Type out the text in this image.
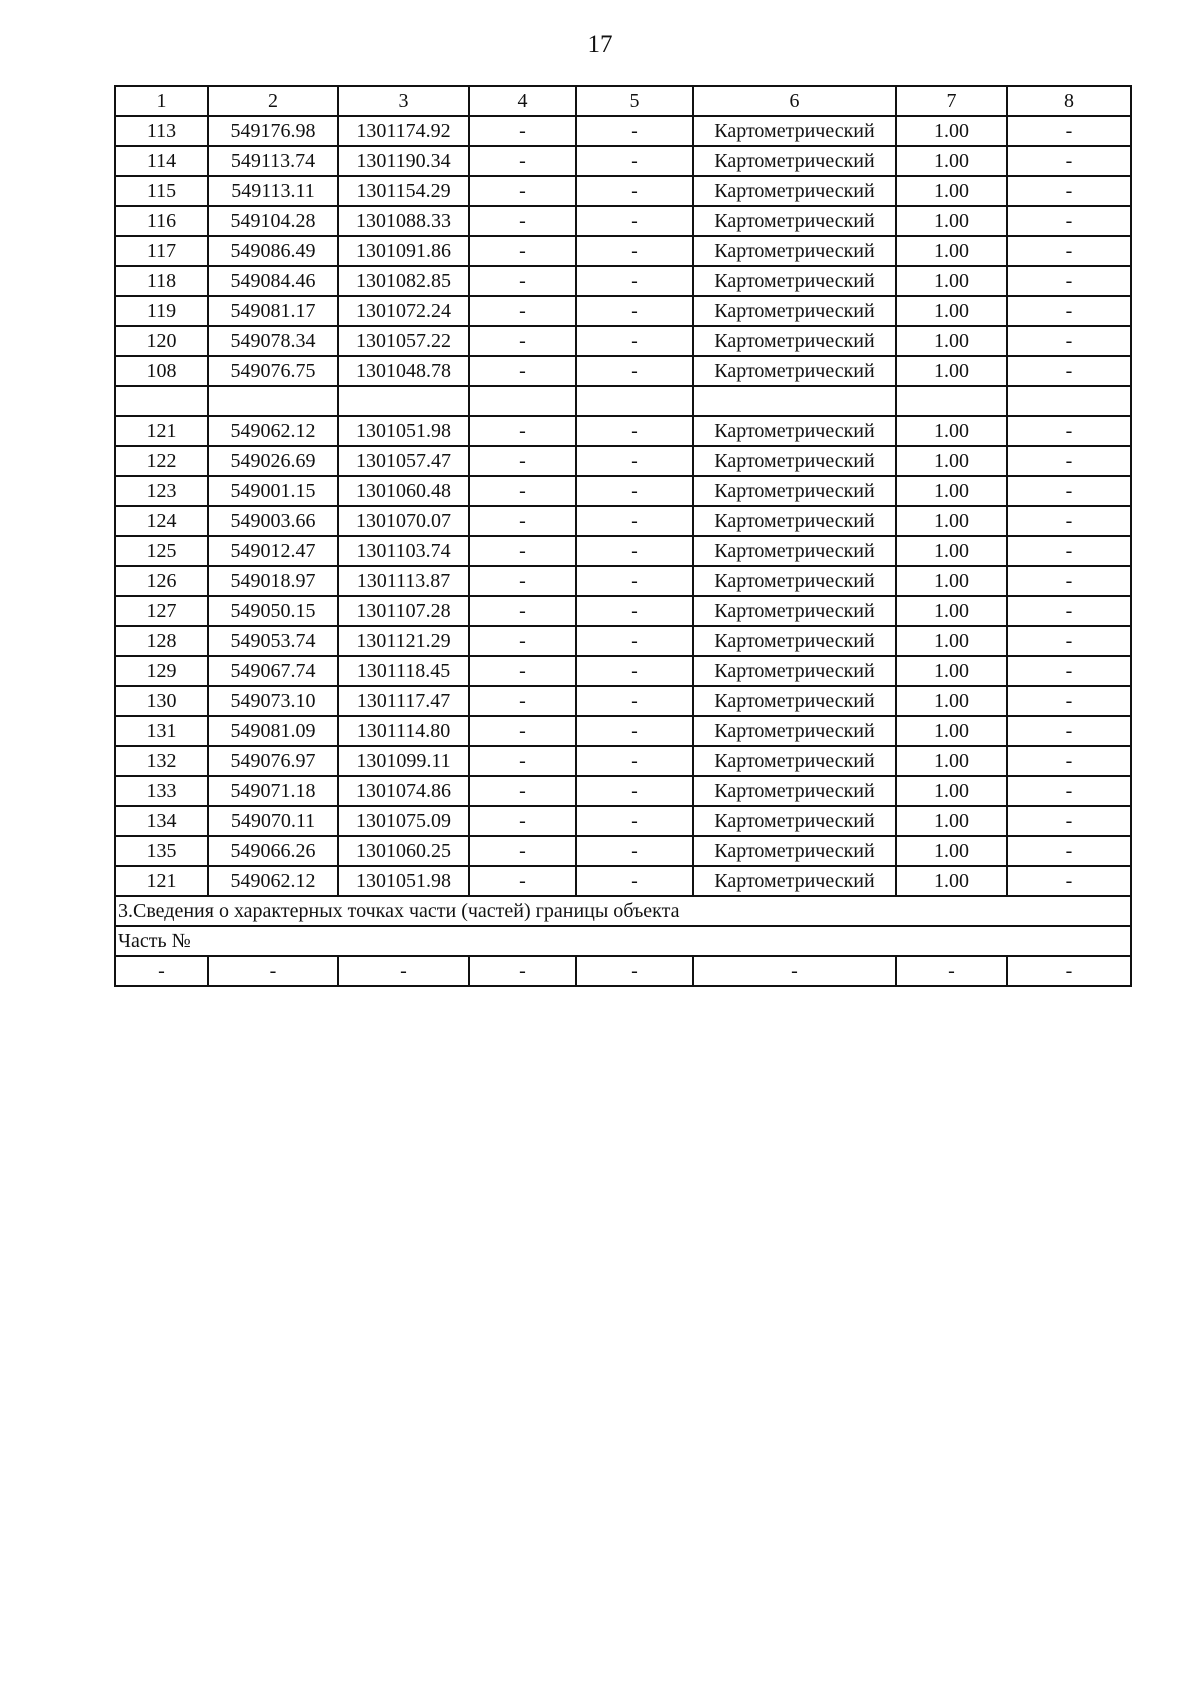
17
1	2	3	4	5	6	7	8
113	549176.98	1301174.92	-	-	Картометрический	1.00	-
114	549113.74	1301190.34	-	-	Картометрический	1.00	-
115	549113.11	1301154.29	-	-	Картометрический	1.00	-
116	549104.28	1301088.33	-	-	Картометрический	1.00	-
117	549086.49	1301091.86	-	-	Картометрический	1.00	-
118	549084.46	1301082.85	-	-	Картометрический	1.00	-
119	549081.17	1301072.24	-	-	Картометрический	1.00	-
120	549078.34	1301057.22	-	-	Картометрический	1.00	-
108	549076.75	1301048.78	-	-	Картометрический	1.00	-

121	549062.12	1301051.98	-	-	Картометрический	1.00	-
122	549026.69	1301057.47	-	-	Картометрический	1.00	-
123	549001.15	1301060.48	-	-	Картометрический	1.00	-
124	549003.66	1301070.07	-	-	Картометрический	1.00	-
125	549012.47	1301103.74	-	-	Картометрический	1.00	-
126	549018.97	1301113.87	-	-	Картометрический	1.00	-
127	549050.15	1301107.28	-	-	Картометрический	1.00	-
128	549053.74	1301121.29	-	-	Картометрический	1.00	-
129	549067.74	1301118.45	-	-	Картометрический	1.00	-
130	549073.10	1301117.47	-	-	Картометрический	1.00	-
131	549081.09	1301114.80	-	-	Картометрический	1.00	-
132	549076.97	1301099.11	-	-	Картометрический	1.00	-
133	549071.18	1301074.86	-	-	Картометрический	1.00	-
134	549070.11	1301075.09	-	-	Картометрический	1.00	-
135	549066.26	1301060.25	-	-	Картометрический	1.00	-
121	549062.12	1301051.98	-	-	Картометрический	1.00	-
3.Сведения о характерных точках части (частей) границы объекта							
Часть №							
-	-	-	-	-	-	-	-
